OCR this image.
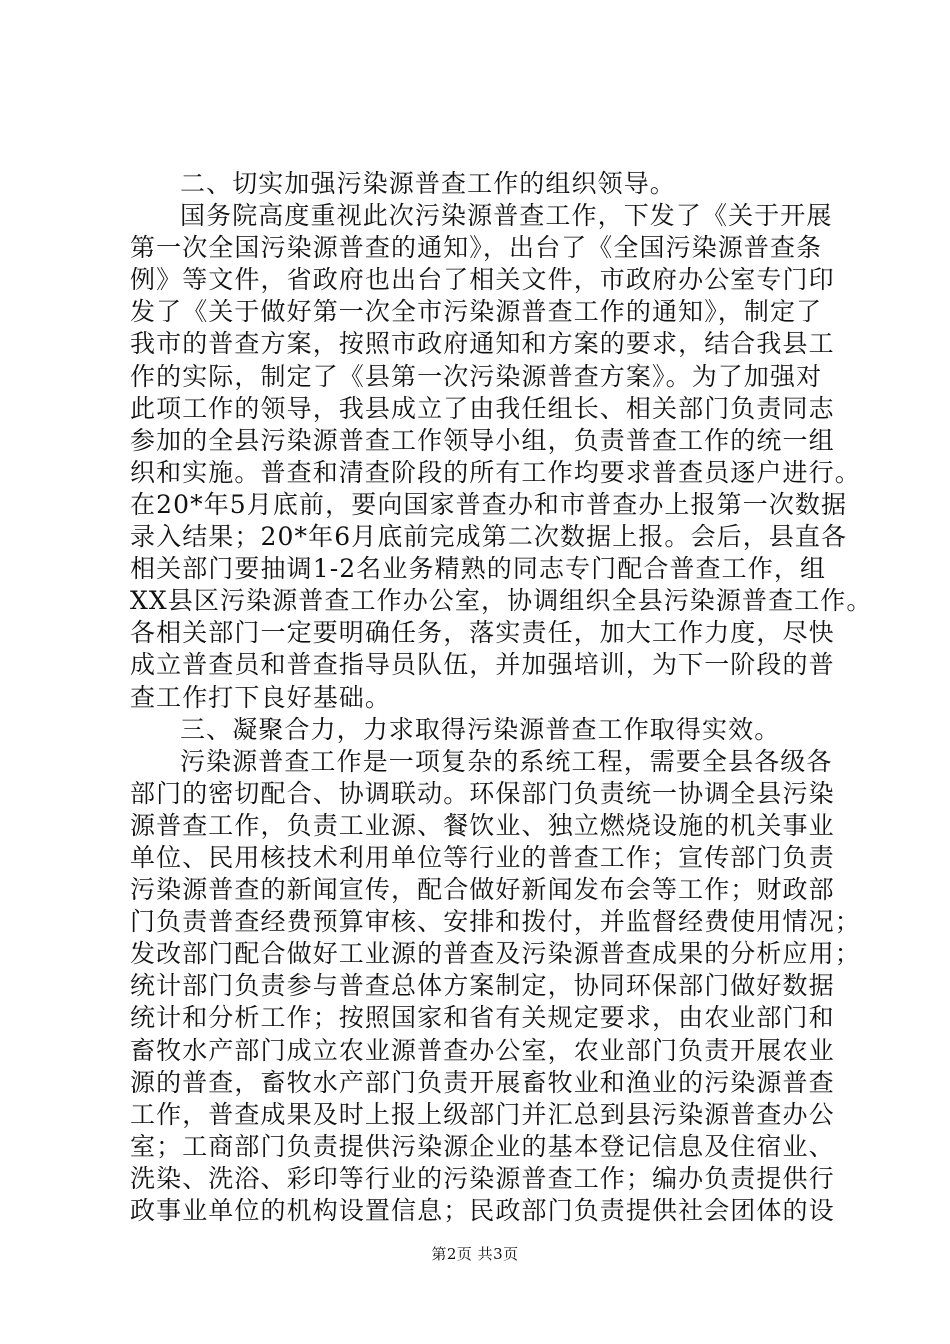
二、切实加强污染源普查工作的组织领导。
国务院高度重视此次污染源普查工作，下发了《关于开展
第一次全国污染源普查的通知》，出台了《全国污染源普查条
例》等文件，省政府也出台了相关文件，市政府办公室专门印
发了《关于做好第一次全市污染源普查工作的通知》，制定了
我市的普查方案，按照市政府通知和方案的要求，结合我县工
作的实际，制定了《县第一次污染源普查方案》。为了加强对
此项工作的领导，我县成立了由我任组长、相关部门负责同志
参加的全县污染源普查工作领导小组，负责普查工作的统一组
织和实施。普查和清查阶段的所有工作均要求普查员逐户进行。
在20*年5月底前，要向国家普查办和市普查办上报第一次数据
录入结果；20*年6月底前完成第二次数据上报。会后，县直各
相关部门要抽调1-2名业务精熟的同志专门配合普查工作，组
XX县区污染源普查工作办公室，协调组织全县污染源普查工作。
各相关部门一定要明确任务，落实责任，加大工作力度，尽快
成立普查员和普查指导员队伍，并加强培训，为下一阶段的普
查工作打下良好基础。
三、凝聚合力，力求取得污染源普查工作取得实效。
污染源普查工作是一项复杂的系统工程，需要全县各级各
部门的密切配合、协调联动。环保部门负责统一协调全县污染
源普查工作，负责工业源、餐饮业、独立燃烧设施的机关事业
单位、民用核技术利用单位等行业的普查工作；宣传部门负责
污染源普查的新闻宣传，配合做好新闻发布会等工作；财政部
门负责普查经费预算审核、安排和拨付，并监督经费使用情况；
发改部门配合做好工业源的普查及污染源普查成果的分析应用；
统计部门负责参与普查总体方案制定，协同环保部门做好数据
统计和分析工作；按照国家和省有关规定要求，由农业部门和
畜牧水产部门成立农业源普查办公室，农业部门负责开展农业
源的普查，畜牧水产部门负责开展畜牧业和渔业的污染源普查
工作，普查成果及时上报上级部门并汇总到县污染源普查办公
室；工商部门负责提供污染源企业的基本登记信息及住宿业、
洗染、洗浴、彩印等行业的污染源普查工作；编办负责提供行
政事业单位的机构设置信息；民政部门负责提供社会团体的设
第2页 共3页
